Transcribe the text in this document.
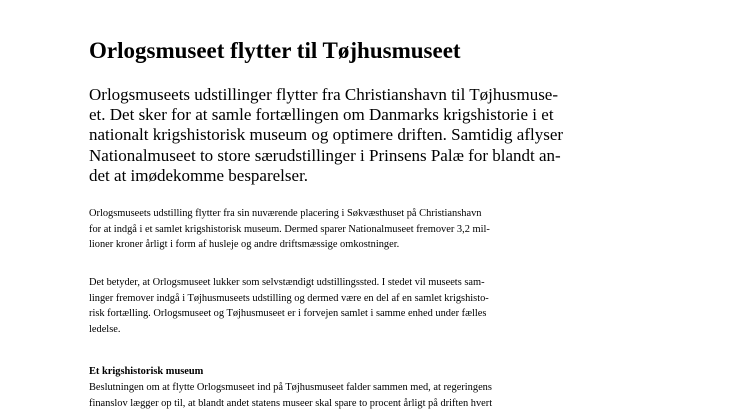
Orlogsmuseet flytter til Tøjhusmuseet
Orlogsmuseets udstillinger flytter fra Christianshavn til Tøjhusmuse-
et. Det sker for at samle fortællingen om Danmarks krigshistorie i et
nationalt krigshistorisk museum og optimere driften. Samtidig aflyser
Nationalmuseet to store særudstillinger i Prinsens Palæ for blandt an-
det at imødekomme besparelser.
Orlogsmuseets udstilling flytter fra sin nuværende placering i Søkvæsthuset på Christianshavn
for at indgå i et samlet krigshistorisk museum. Dermed sparer Nationalmuseet fremover 3,2 mil-
lioner kroner årligt i form af husleje og andre driftsmæssige omkostninger.
Det betyder, at Orlogsmuseet lukker som selvstændigt udstillingssted. I stedet vil museets sam-
linger fremover indgå i Tøjhusmuseets udstilling og dermed være en del af en samlet krigshisto-
risk fortælling. Orlogsmuseet og Tøjhusmuseet er i forvejen samlet i samme enhed under fælles
ledelse.
Et krigshistorisk museum
Beslutningen om at flytte Orlogsmuseet ind på Tøjhusmuseet falder sammen med, at regeringens
finanslov lægger op til, at blandt andet statens museer skal spare to procent årligt på driften hvert
